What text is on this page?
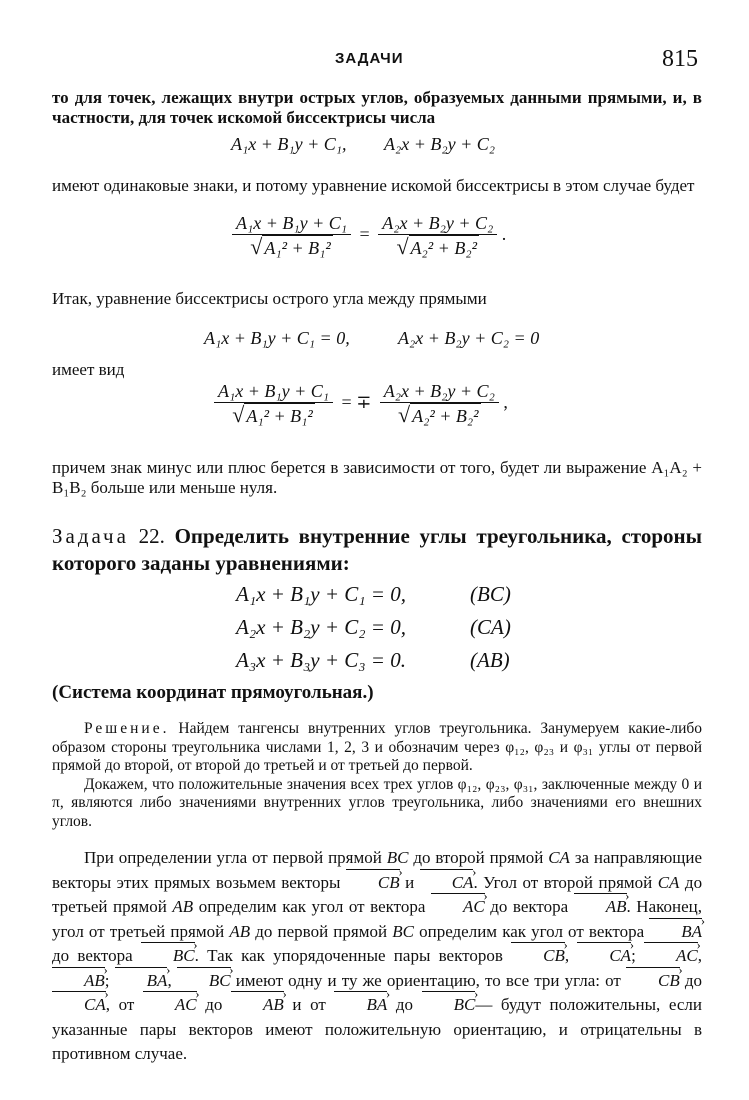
ЗАДАЧИ	815

то для точек, лежащих внутри острых углов, образуемых данными прямыми, и, в частности, для точек искомой биссектрисы числа

A₁x + B₁y + C₁, A₂x + B₂y + C₂

имеют одинаковые знаки, и потому уравнение искомой биссектрисы в этом случае будет

$\frac{\text{A₁x + B₁y + C₁}}{\text{√ A₁² + B₁²}} = \frac{\text{A₂x + B₂y + C₂}}{\text{√ A₂² + B₂²}}$ .

Итак, уравнение биссектрисы острого угла между прямыми

A₁x + B₁y + C₁ = 0,	A₂x + B₂y + C₂ = 0

имеет вид

$\frac{\text{A₁x + B₁y + C₁}}{\text{√ A₁² + B₁²}}$ = ∓ $\frac{\text{A₂x + B₂y + C₂}}{\text{√ A₂² + B₂²}}$ ,

причем знак минус или плюс берется в зависимости от того, будет ли выражение A₁A₂ + B₁B₂ больше или меньше нуля.

Задача 22. Определить внутренние углы треугольника, стороны которого заданы уравнениями:

A₁x + B₁y + C₁ = 0,	(BC)
A₂x + B₂y + C₂ = 0,	(CA)
A₃x + B₃y + C₃ = 0.	(AB)

(Система координат прямоугольная.)

Решение. Найдем тангенсы внутренних углов треугольника. Занумеруем какие-либо образом стороны треугольника числами 1, 2, 3 и обозначим через φ₁₂, φ₂₃ и φ₃₁ углы от первой прямой до второй, от второй до третьей и от третьей до первой.

Докажем, что положительные значения всех трех углов φ₁₂, φ₂₃, φ₃₁, заключенные между 0 и π, являются либо значениями внутренних углов треугольника, либо значениями его внешних углов.

При определении угла от первой прямой BC до второй прямой CA за направляющие векторы этих прямых возьмем векторы CB › и CA ›. Угол от второй прямой CA до третьей прямой AB определим как угол от вектора AC › до вектора AB ›. Наконец, угол от третьей прямой AB до первой прямой BC определим как угол от вектора BA › до вектора BC ›. Так как упорядоченные пары векторов CB ›, CA ›; AC ›, AB ›; BA ›, BC › имеют одну и ту же ориентацию, то все три угла: от CB › до CA ›, от AC › до AB › и от BA › до BC ›— будут положительны, если указанные пары векторов имеют положительную ориентацию, и отрицательны в противном случае.
